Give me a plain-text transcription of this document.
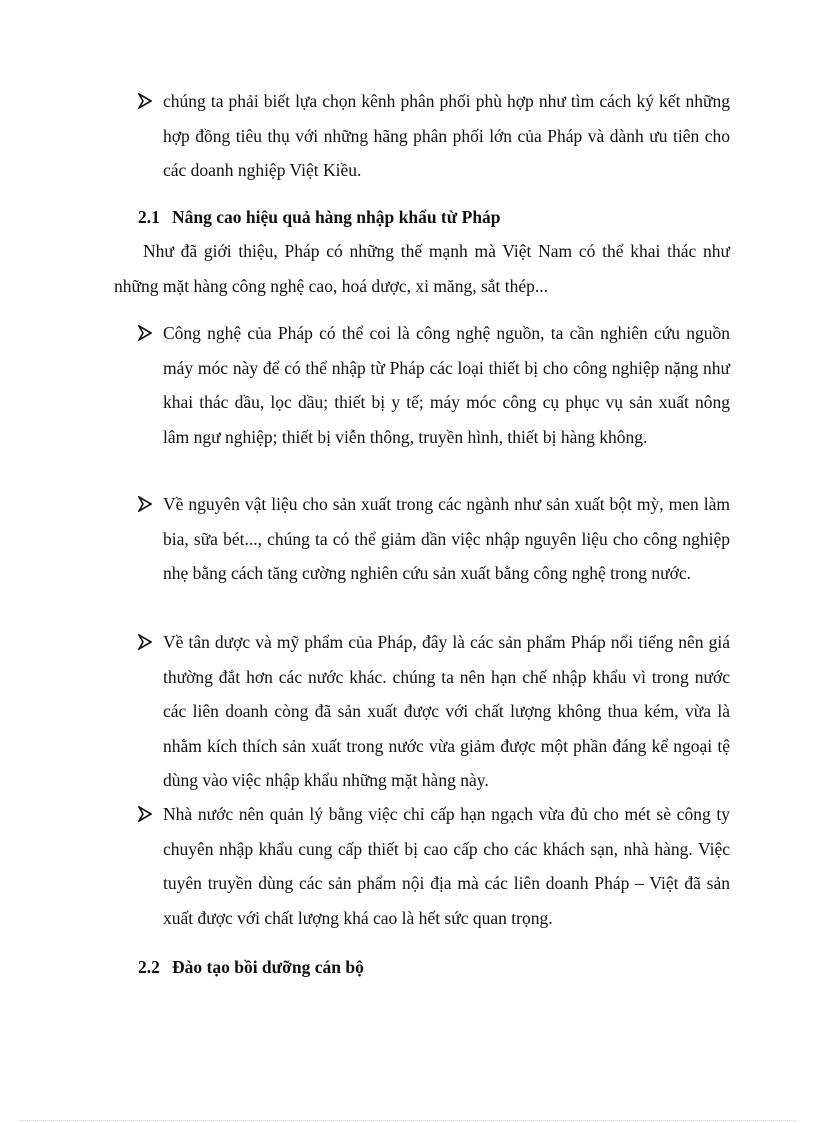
chúng ta phải biết lựa chọn kênh phân phối phù hợp như tìm cách ký kết những hợp đồng tiêu thụ với những hãng phân phối lớn của Pháp và dành ưu tiên cho các doanh nghiệp Việt Kiều.
2.1 Nâng cao hiệu quả hàng nhập khẩu từ Pháp
Như đã giới thiệu, Pháp có những thế mạnh mà Việt Nam có thể khai thác như những mặt hàng công nghệ cao, hoá dược, xi măng, sắt thép...
Công nghệ của Pháp có thể coi là công nghệ nguồn, ta cần nghiên cứu nguồn máy móc này để có thể nhập từ Pháp các loại thiết bị cho công nghiệp nặng như khai thác dầu, lọc dầu; thiết bị y tế; máy móc công cụ phục vụ sản xuất nông lâm ngư nghiệp; thiết bị viễn thông, truyền hình, thiết bị hàng không.
Về nguyên vật liệu cho sản xuất trong các ngành như sản xuất bột mỳ, men làm bia, sữa bét..., chúng ta có thể giảm dần việc nhập nguyên liệu cho công nghiệp nhẹ bằng cách tăng cường nghiên cứu sản xuất bằng công nghệ trong nước.
Về tân dược và mỹ phẩm của Pháp, đây là các sản phẩm Pháp nổi tiếng nên giá thường đắt hơn các nước khác. chúng ta nên hạn chế nhập khẩu vì trong nước các liên doanh còng đã sản xuất được với chất lượng không thua kém, vừa là nhằm kích thích sản xuất trong nước vừa giảm được một phần đáng kể ngoại tệ dùng vào việc nhập khẩu những mặt hàng này.
Nhà nước nên quản lý bằng việc chỉ cấp hạn ngạch vừa đủ cho mét sè công ty chuyên nhập khẩu cung cấp thiết bị cao cấp cho các khách sạn, nhà hàng. Việc tuyên truyền dùng các sản phẩm nội địa mà các liên doanh Pháp – Việt đã sản xuất được với chất lượng khá cao là hết sức quan trọng.
2.2 Đào tạo bồi dưỡng cán bộ
